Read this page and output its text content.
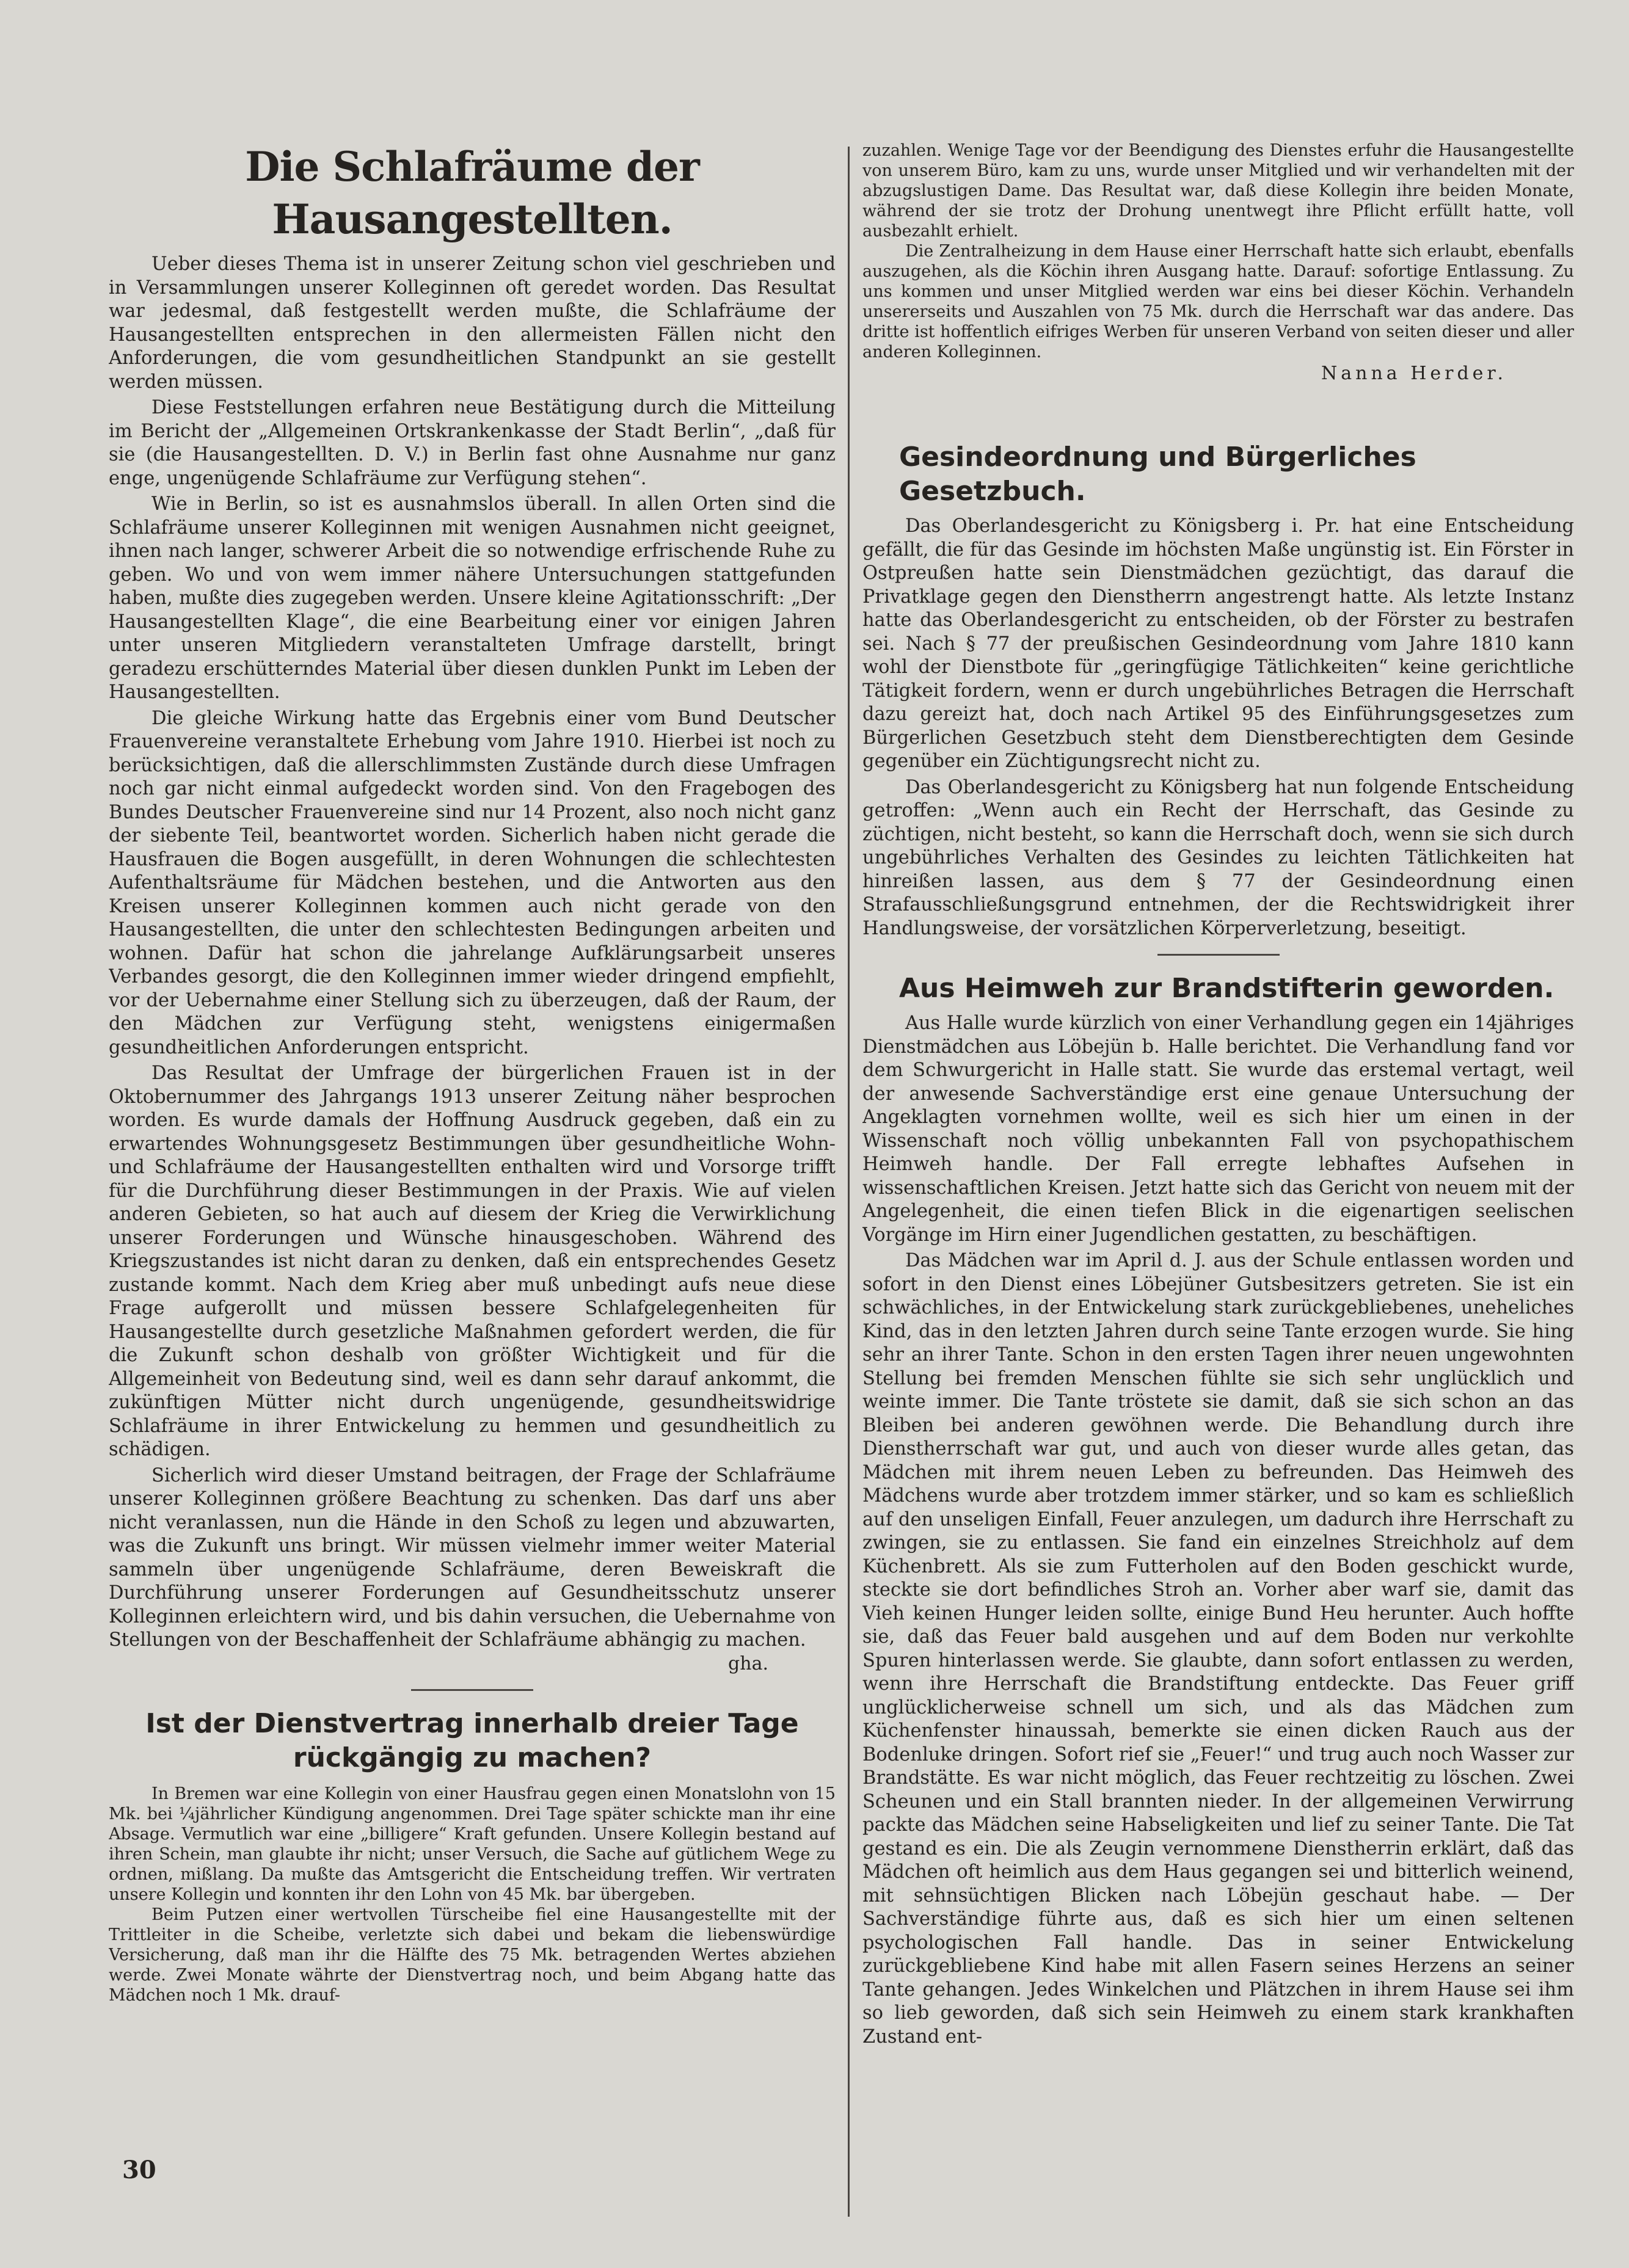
Die Schlafräume der Hausangestellten.

Ueber dieses Thema ist in unserer Zeitung schon viel geschrieben und in Versammlungen unserer Kolleginnen oft geredet worden. Das Resultat war jedesmal, daß festgestellt werden mußte, die Schlafräume der Hausangestellten entsprechen in den allermeisten Fällen nicht den Anforderungen, die vom gesundheitlichen Standpunkt an sie gestellt werden müssen.

Diese Feststellungen erfahren neue Bestätigung durch die Mitteilung im Bericht der „Allgemeinen Ortskrankenkasse der Stadt Berlin“, „daß für sie (die Hausangestellten. D. V.) in Berlin fast ohne Ausnahme nur ganz enge, ungenügende Schlafräume zur Verfügung stehen“.

Wie in Berlin, so ist es ausnahmslos überall. In allen Orten sind die Schlafräume unserer Kolleginnen mit wenigen Ausnahmen nicht geeignet, ihnen nach langer, schwerer Arbeit die so notwendige erfrischende Ruhe zu geben. Wo und von wem immer nähere Untersuchungen stattgefunden haben, mußte dies zugegeben werden. Unsere kleine Agitationsschrift: „Der Hausangestellten Klage“, die eine Bearbeitung einer vor einigen Jahren unter unseren Mitgliedern veranstalteten Umfrage darstellt, bringt geradezu erschütterndes Material über diesen dunklen Punkt im Leben der Hausangestellten.

Die gleiche Wirkung hatte das Ergebnis einer vom Bund Deutscher Frauenvereine veranstaltete Erhebung vom Jahre 1910. Hierbei ist noch zu berücksichtigen, daß die allerschlimmsten Zustände durch diese Umfragen noch gar nicht einmal aufgedeckt worden sind. Von den Fragebogen des Bundes Deutscher Frauenvereine sind nur 14 Prozent, also noch nicht ganz der siebente Teil, beantwortet worden. Sicherlich haben nicht gerade die Hausfrauen die Bogen ausgefüllt, in deren Wohnungen die schlechtesten Aufenthaltsräume für Mädchen bestehen, und die Antworten aus den Kreisen unserer Kolleginnen kommen auch nicht gerade von den Hausangestellten, die unter den schlechtesten Bedingungen arbeiten und wohnen. Dafür hat schon die jahrelange Aufklärungsarbeit unseres Verbandes gesorgt, die den Kolleginnen immer wieder dringend empfiehlt, vor der Uebernahme einer Stellung sich zu überzeugen, daß der Raum, der den Mädchen zur Verfügung steht, wenigstens einigermaßen gesundheitlichen Anforderungen entspricht.

Das Resultat der Umfrage der bürgerlichen Frauen ist in der Oktobernummer des Jahrgangs 1913 unserer Zeitung näher besprochen worden. Es wurde damals der Hoffnung Ausdruck gegeben, daß ein zu erwartendes Wohnungsgesetz Bestimmungen über gesundheitliche Wohn- und Schlafräume der Hausangestellten enthalten wird und Vorsorge trifft für die Durchführung dieser Bestimmungen in der Praxis. Wie auf vielen anderen Gebieten, so hat auch auf diesem der Krieg die Verwirklichung unserer Forderungen und Wünsche hinausgeschoben. Während des Kriegszustandes ist nicht daran zu denken, daß ein entsprechendes Gesetz zustande kommt. Nach dem Krieg aber muß unbedingt aufs neue diese Frage aufgerollt und müssen bessere Schlafgelegenheiten für Hausangestellte durch gesetzliche Maßnahmen gefordert werden, die für die Zukunft schon deshalb von größter Wichtigkeit und für die Allgemeinheit von Bedeutung sind, weil es dann sehr darauf ankommt, die zukünftigen Mütter nicht durch ungenügende, gesundheitswidrige Schlafräume in ihrer Entwickelung zu hemmen und gesundheitlich zu schädigen.

Sicherlich wird dieser Umstand beitragen, der Frage der Schlafräume unserer Kolleginnen größere Beachtung zu schenken. Das darf uns aber nicht veranlassen, nun die Hände in den Schoß zu legen und abzuwarten, was die Zukunft uns bringt. Wir müssen vielmehr immer weiter Material sammeln über ungenügende Schlafräume, deren Beweiskraft die Durchführung unserer Forderungen auf Gesundheitsschutz unserer Kolleginnen erleichtern wird, und bis dahin versuchen, die Uebernahme von Stellungen von der Beschaffenheit der Schlafräume abhängig zu machen.

gha.

Ist der Dienstvertrag innerhalb dreier Tage rückgängig zu machen?

In Bremen war eine Kollegin von einer Hausfrau gegen einen Monatslohn von 15 Mk. bei ¼jährlicher Kündigung angenommen. Drei Tage später schickte man ihr eine Absage. Vermutlich war eine „billigere“ Kraft gefunden. Unsere Kollegin bestand auf ihren Schein, man glaubte ihr nicht; unser Versuch, die Sache auf gütlichem Wege zu ordnen, mißlang. Da mußte das Amtsgericht die Entscheidung treffen. Wir vertraten unsere Kollegin und konnten ihr den Lohn von 45 Mk. bar übergeben.

Beim Putzen einer wertvollen Türscheibe fiel eine Hausangestellte mit der Trittleiter in die Scheibe, verletzte sich dabei und bekam die liebenswürdige Versicherung, daß man ihr die Hälfte des 75 Mk. betragenden Wertes abziehen werde. Zwei Monate währte der Dienstvertrag noch, und beim Abgang hatte das Mädchen noch 1 Mk. drauf-

zuzahlen. Wenige Tage vor der Beendigung des Dienstes erfuhr die Hausangestellte von unserem Büro, kam zu uns, wurde unser Mitglied und wir verhandelten mit der abzugslustigen Dame. Das Resultat war, daß diese Kollegin ihre beiden Monate, während der sie trotz der Drohung unentwegt ihre Pflicht erfüllt hatte, voll ausbezahlt erhielt.

Die Zentralheizung in dem Hause einer Herrschaft hatte sich erlaubt, ebenfalls auszugehen, als die Köchin ihren Ausgang hatte. Darauf: sofortige Entlassung. Zu uns kommen und unser Mitglied werden war eins bei dieser Köchin. Verhandeln unsererseits und Auszahlen von 75 Mk. durch die Herrschaft war das andere. Das dritte ist hoffentlich eifriges Werben für unseren Verband von seiten dieser und aller anderen Kolleginnen.

Nanna Herder.

Gesindeordnung und Bürgerliches Gesetzbuch.

Das Oberlandesgericht zu Königsberg i. Pr. hat eine Entscheidung gefällt, die für das Gesinde im höchsten Maße ungünstig ist. Ein Förster in Ostpreußen hatte sein Dienstmädchen gezüchtigt, das darauf die Privatklage gegen den Dienstherrn angestrengt hatte. Als letzte Instanz hatte das Oberlandesgericht zu entscheiden, ob der Förster zu bestrafen sei. Nach § 77 der preußischen Gesindeordnung vom Jahre 1810 kann wohl der Dienstbote für „geringfügige Tätlichkeiten“ keine gerichtliche Tätigkeit fordern, wenn er durch ungebührliches Betragen die Herrschaft dazu gereizt hat, doch nach Artikel 95 des Einführungsgesetzes zum Bürgerlichen Gesetzbuch steht dem Dienstberechtigten dem Gesinde gegenüber ein Züchtigungsrecht nicht zu.

Das Oberlandesgericht zu Königsberg hat nun folgende Entscheidung getroffen: „Wenn auch ein Recht der Herrschaft, das Gesinde zu züchtigen, nicht besteht, so kann die Herrschaft doch, wenn sie sich durch ungebührliches Verhalten des Gesindes zu leichten Tätlichkeiten hat hinreißen lassen, aus dem § 77 der Gesindeordnung einen Strafausschließungsgrund entnehmen, der die Rechtswidrigkeit ihrer Handlungsweise, der vorsätzlichen Körperverletzung, beseitigt.

Aus Heimweh zur Brandstifterin geworden.

Aus Halle wurde kürzlich von einer Verhandlung gegen ein 14jähriges Dienstmädchen aus Löbejün b. Halle berichtet. Die Verhandlung fand vor dem Schwurgericht in Halle statt. Sie wurde das erstemal vertagt, weil der anwesende Sachverständige erst eine genaue Untersuchung der Angeklagten vornehmen wollte, weil es sich hier um einen in der Wissenschaft noch völlig unbekannten Fall von psychopathischem Heimweh handle. Der Fall erregte lebhaftes Aufsehen in wissenschaftlichen Kreisen. Jetzt hatte sich das Gericht von neuem mit der Angelegenheit, die einen tiefen Blick in die eigenartigen seelischen Vorgänge im Hirn einer Jugendlichen gestatten, zu beschäftigen.

Das Mädchen war im April d. J. aus der Schule entlassen worden und sofort in den Dienst eines Löbejüner Gutsbesitzers getreten. Sie ist ein schwächliches, in der Entwickelung stark zurückgebliebenes, uneheliches Kind, das in den letzten Jahren durch seine Tante erzogen wurde. Sie hing sehr an ihrer Tante. Schon in den ersten Tagen ihrer neuen ungewohnten Stellung bei fremden Menschen fühlte sie sich sehr unglücklich und weinte immer. Die Tante tröstete sie damit, daß sie sich schon an das Bleiben bei anderen gewöhnen werde. Die Behandlung durch ihre Dienstherrschaft war gut, und auch von dieser wurde alles getan, das Mädchen mit ihrem neuen Leben zu befreunden. Das Heimweh des Mädchens wurde aber trotzdem immer stärker, und so kam es schließlich auf den unseligen Einfall, Feuer anzulegen, um dadurch ihre Herrschaft zu zwingen, sie zu entlassen. Sie fand ein einzelnes Streichholz auf dem Küchenbrett. Als sie zum Futterholen auf den Boden geschickt wurde, steckte sie dort befindliches Stroh an. Vorher aber warf sie, damit das Vieh keinen Hunger leiden sollte, einige Bund Heu herunter. Auch hoffte sie, daß das Feuer bald ausgehen und auf dem Boden nur verkohlte Spuren hinterlassen werde. Sie glaubte, dann sofort entlassen zu werden, wenn ihre Herrschaft die Brandstiftung entdeckte. Das Feuer griff unglücklicherweise schnell um sich, und als das Mädchen zum Küchenfenster hinaussah, bemerkte sie einen dicken Rauch aus der Bodenluke dringen. Sofort rief sie „Feuer!“ und trug auch noch Wasser zur Brandstätte. Es war nicht möglich, das Feuer rechtzeitig zu löschen. Zwei Scheunen und ein Stall brannten nieder. In der allgemeinen Verwirrung packte das Mädchen seine Habseligkeiten und lief zu seiner Tante. Die Tat gestand es ein. Die als Zeugin vernommene Dienstherrin erklärt, daß das Mädchen oft heimlich aus dem Haus gegangen sei und bitterlich weinend, mit sehnsüchtigen Blicken nach Löbejün geschaut habe. — Der Sachverständige führte aus, daß es sich hier um einen seltenen psychologischen Fall handle. Das in seiner Entwickelung zurückgebliebene Kind habe mit allen Fasern seines Herzens an seiner Tante gehangen. Jedes Winkelchen und Plätzchen in ihrem Hause sei ihm so lieb geworden, daß sich sein Heimweh zu einem stark krankhaften Zustand ent-

30
